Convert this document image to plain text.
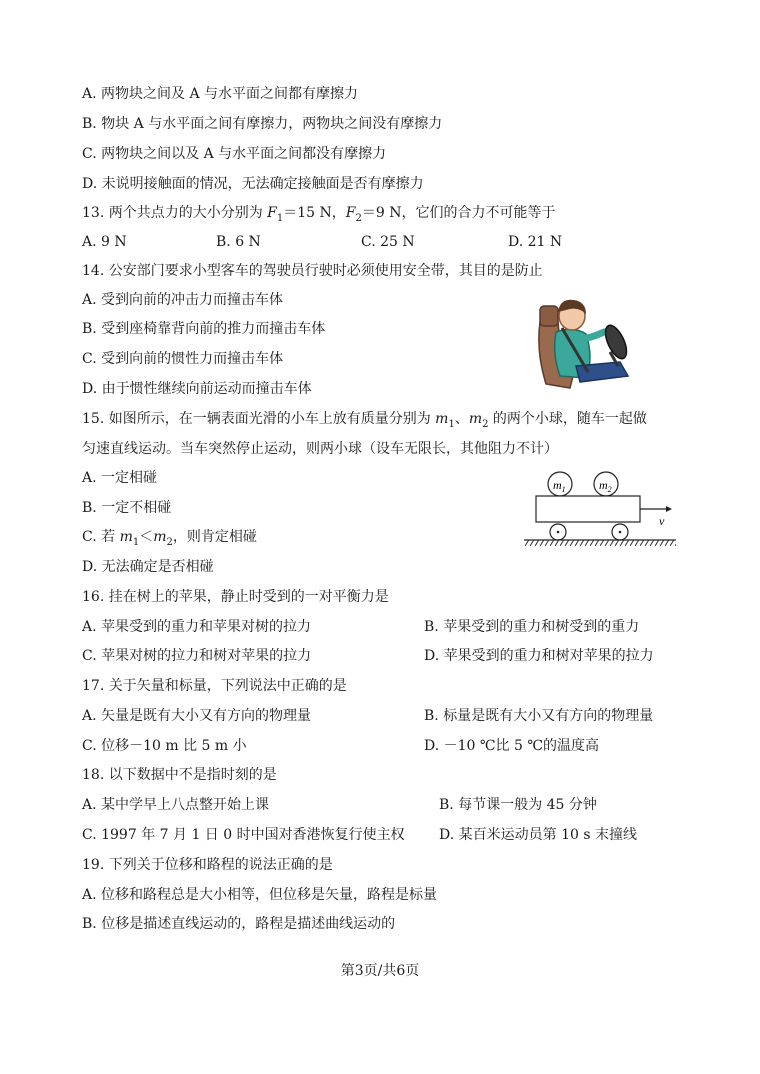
A. 两物块之间及 A 与水平面之间都有摩擦力
B. 物块 A 与水平面之间有摩擦力，两物块之间没有摩擦力
C. 两物块之间以及 A 与水平面之间都没有摩擦力
D. 未说明接触面的情况，无法确定接触面是否有摩擦力
13. 两个共点力的大小分别为 $F_1=15$ N，$F_2=9$ N，它们的合力不可能等于
A. 9 N	B. 6 N	C. 25 N	D. 21 N
14. 公安部门要求小型客车的驾驶员行驶时必须使用安全带，其目的是防止
A. 受到向前的冲击力而撞击车体
B. 受到座椅靠背向前的推力而撞击车体
C. 受到向前的惯性力而撞击车体
D. 由于惯性继续向前运动而撞击车体
15. 如图所示，在一辆表面光滑的小车上放有质量分别为 $m_1$、$m_2$ 的两个小球，随车一起做
匀速直线运动。当车突然停止运动，则两小球（设车无限长，其他阻力不计）
A. 一定相碰
B. 一定不相碰
C. 若 $m_1<m_2$，则肯定相碰
D. 无法确定是否相碰
$m_1$	$m_2$
v
16. 挂在树上的苹果，静止时受到的一对平衡力是
A. 苹果受到的重力和苹果对树的拉力	B. 苹果受到的重力和树受到的重力
C. 苹果对树的拉力和树对苹果的拉力	D. 苹果受到的重力和树对苹果的拉力
17. 关于矢量和标量，下列说法中正确的是
A. 矢量是既有大小又有方向的物理量	B. 标量是既有大小又有方向的物理量
C. 位移－10 m 比 5 m 小	D. －10 ℃比 5 ℃的温度高
18. 以下数据中不是指时刻的是
A. 某中学早上八点整开始上课	B. 每节课一般为 45 分钟
C. 1997 年 7 月 1 日 0 时中国对香港恢复行使主权 D. 某百米运动员第 10 s 末撞线
19. 下列关于位移和路程的说法正确的是
A. 位移和路程总是大小相等，但位移是矢量，路程是标量
B. 位移是描述直线运动的，路程是描述曲线运动的
第3页/共6页
